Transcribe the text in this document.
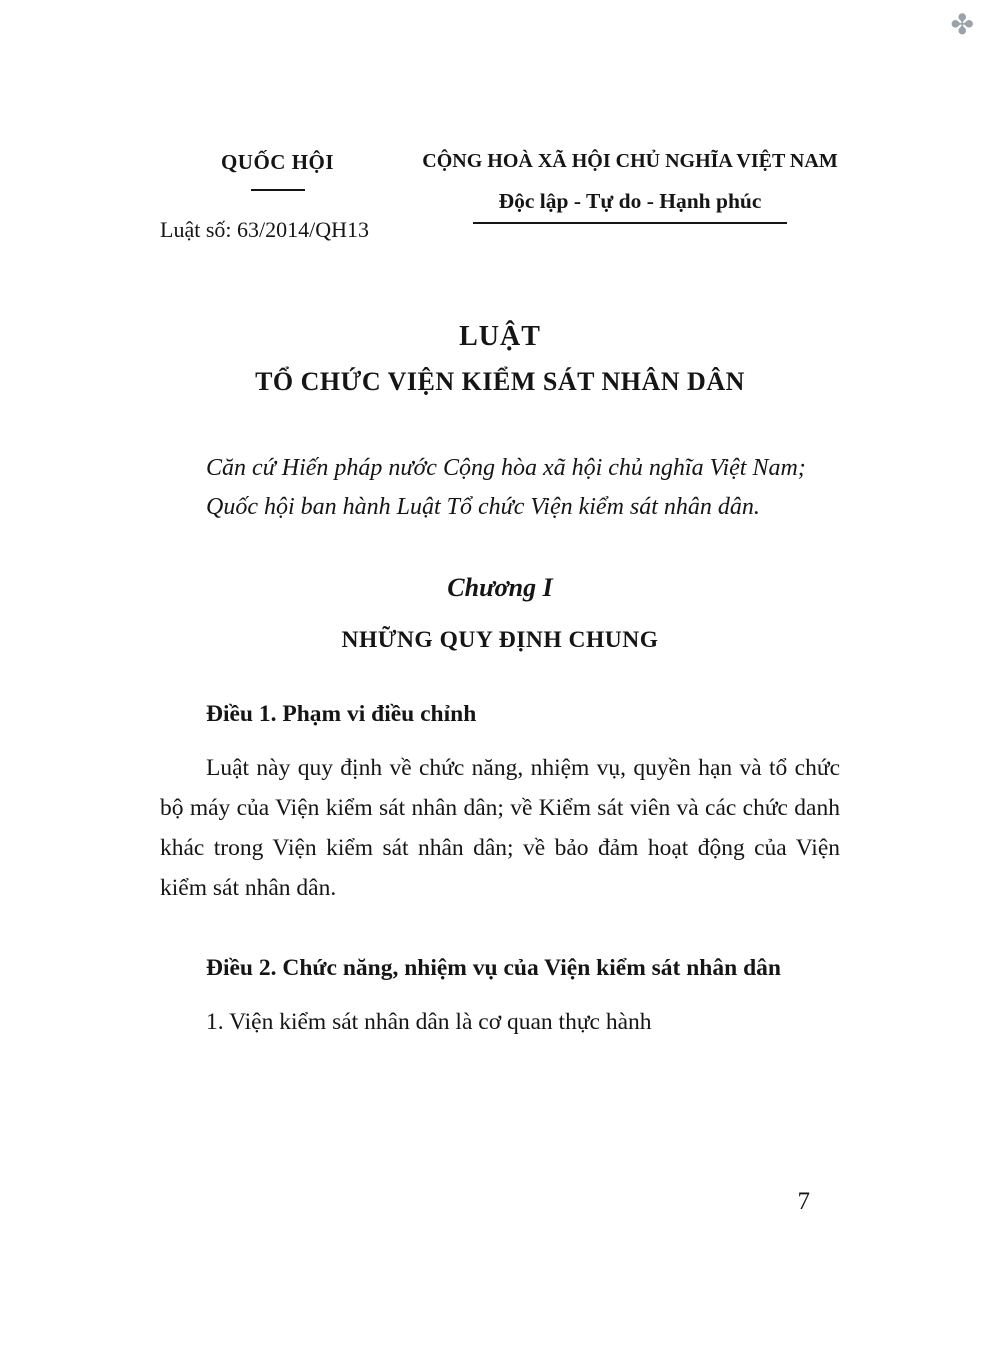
✤
QUỐC HỘI
Luật số: 63/2014/QH13
CỘNG HOÀ XÃ HỘI CHỦ NGHĨA VIỆT NAM
Độc lập - Tự do - Hạnh phúc
LUẬT
TỔ CHỨC VIỆN KIỂM SÁT NHÂN DÂN

Căn cứ Hiến pháp nước Cộng hòa xã hội chủ nghĩa Việt Nam;

Quốc hội ban hành Luật Tổ chức Viện kiểm sát nhân dân.

Chương I
NHỮNG QUY ĐỊNH CHUNG
Điều 1. Phạm vi điều chỉnh
Luật này quy định về chức năng, nhiệm vụ, quyền hạn và tổ chức bộ máy của Viện kiểm sát nhân dân; về Kiểm sát viên và các chức danh khác trong Viện kiểm sát nhân dân; về bảo đảm hoạt động của Viện kiểm sát nhân dân.
Điều 2. Chức năng, nhiệm vụ của Viện kiểm sát nhân dân
1. Viện kiểm sát nhân dân là cơ quan thực hành
7
